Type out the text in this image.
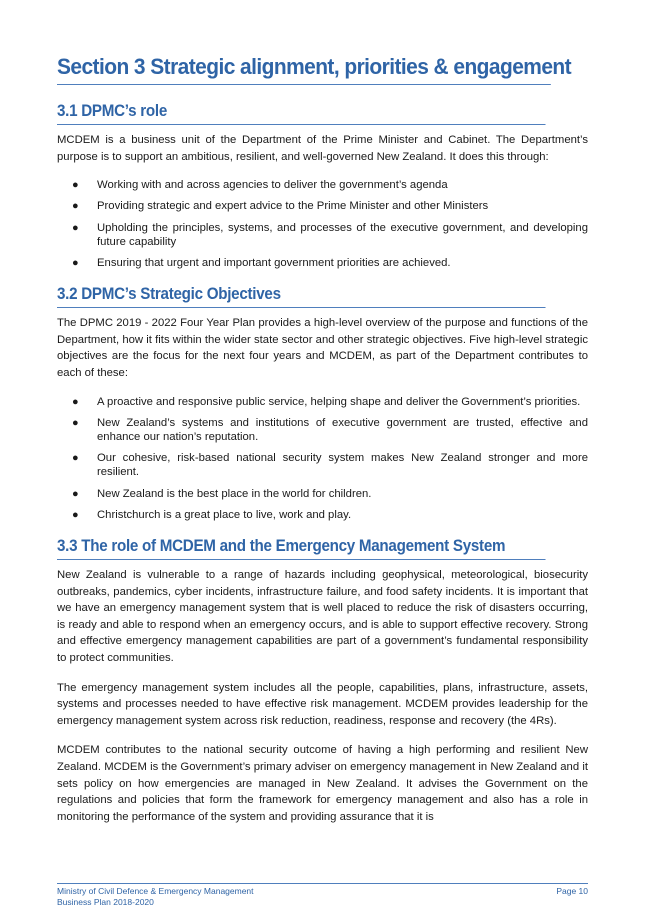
Section 3 Strategic alignment, priorities & engagement
3.1 DPMC’s role

MCDEM is a business unit of the Department of the Prime Minister and Cabinet. The Department’s purpose is to support an ambitious, resilient, and well-governed New Zealand. It does this through:

● Working with and across agencies to deliver the government’s agenda
● Providing strategic and expert advice to the Prime Minister and other Ministers
● Upholding the principles, systems, and processes of the executive government, and developing future capability
● Ensuring that urgent and important government priorities are achieved.
3.2 DPMC’s Strategic Objectives

The DPMC 2019 - 2022 Four Year Plan provides a high-level overview of the purpose and functions of the Department, how it fits within the wider state sector and other strategic objectives. Five high-level strategic objectives are the focus for the next four years and MCDEM, as part of the Department contributes to each of these:

● A proactive and responsive public service, helping shape and deliver the Government’s priorities.
● New Zealand’s systems and institutions of executive government are trusted, effective and enhance our nation’s reputation.
● Our cohesive, risk-based national security system makes New Zealand stronger and more resilient.
● New Zealand is the best place in the world for children.
● Christchurch is a great place to live, work and play.
3.3 The role of MCDEM and the Emergency Management System

New Zealand is vulnerable to a range of hazards including geophysical, meteorological, biosecurity outbreaks, pandemics, cyber incidents, infrastructure failure, and food safety incidents. It is important that we have an emergency management system that is well placed to reduce the risk of disasters occurring, is ready and able to respond when an emergency occurs, and is able to support effective recovery. Strong and effective emergency management capabilities are part of a government’s fundamental responsibility to protect communities.

The emergency management system includes all the people, capabilities, plans, infrastructure, assets, systems and processes needed to have effective risk management. MCDEM provides leadership for the emergency management system across risk reduction, readiness, response and recovery (the 4Rs).

MCDEM contributes to the national security outcome of having a high performing and resilient New Zealand. MCDEM is the Government’s primary adviser on emergency management in New Zealand and it sets policy on how emergencies are managed in New Zealand. It advises the Government on the regulations and policies that form the framework for emergency management and also has a role in monitoring the performance of the system and providing assurance that it is

Ministry of Civil Defence & Emergency Management
Business Plan 2018-2020
Page 10
